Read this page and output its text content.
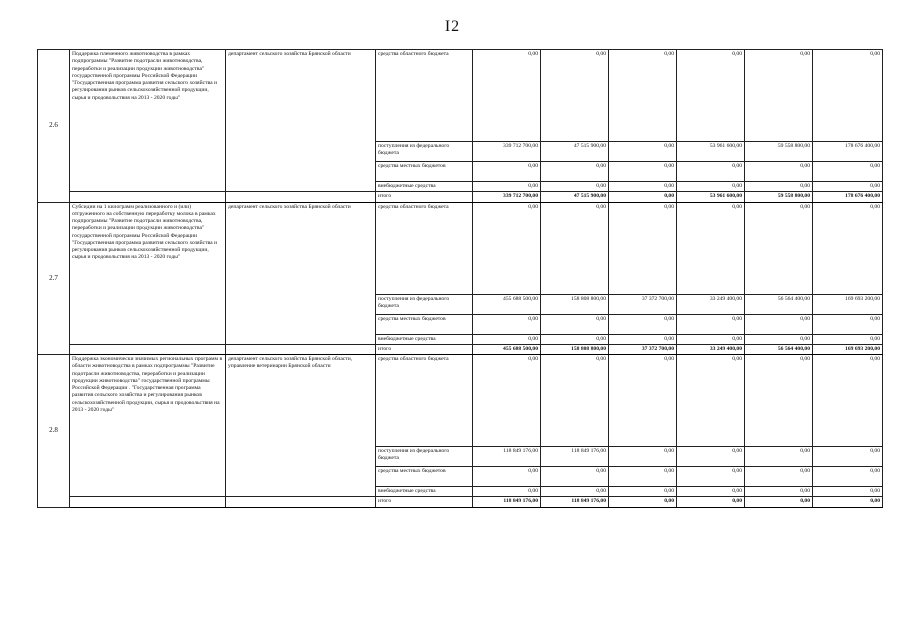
I2
2.6	Поддержка племенного животноводства в рамках подпрограммы "Развитие подотрасли животноводства, переработки и реализации продукции животноводства" государственной программы Российской Федерации "Государственная программа развития сельского хозяйства и регулирования рынков сельскохозяйственной продукции, сырья и продовольствия на 2013 - 2020 годы"	департамент сельского хозяйства Брянской области	средства областного бюджета	0,00	0,00	0,00	0,00	0,00	0,00
			поступления из федерального бюджета	339 712 700,00	47 515 900,00	0,00	53 961 600,00	59 558 800,00	178 676 400,00
			средства местных бюджетов	0,00	0,00	0,00	0,00	0,00	0,00
			внебюджетные средства	0,00	0,00	0,00	0,00	0,00	0,00
			итого	339 712 700,00	47 515 900,00	0,00	53 961 600,00	59 558 800,00	178 676 400,00
2.7	Субсидии на 1 килограмм реализованного и (или) отгруженного на собственную переработку молока в рамках подпрограммы "Развитие подотрасли животноводства, переработки и реализации продукции животноводства" государственной программы Российской Федерации "Государственная программа развития сельского хозяйства и регулирования рынков сельскохозяйственной продукции, сырья и продовольствия на 2013 - 2020 годы"	департамент сельского хозяйства Брянской области	средства областного бюджета	0,00	0,00	0,00	0,00	0,00	0,00
			поступления из федерального бюджета	455 688 500,00	158 808 800,00	37 372 700,00	33 249 400,00	56 564 400,00	169 693 200,00
			средства местных бюджетов	0,00	0,00	0,00	0,00	0,00	0,00
			внебюджетные средства	0,00	0,00	0,00	0,00	0,00	0,00
			итого	455 688 500,00	158 808 800,00	37 372 700,00	33 249 400,00	56 564 400,00	169 693 200,00
2.8	Поддержка экономически значимых региональных программ в области животноводства в рамках подпрограммы "Развитие подотрасли животноводства, переработки и реализации продукции животноводства" государственной программы Российской Федерации . "Государственная программа развития сельского хозяйства и регулирования рынков сельскохозяйственной продукции, сырья и продовольствия на 2013 - 2020 годы"	департамент сельского хозяйства Брянской области, управление ветеринарии Брянской области	средства областного бюджета	0,00	0,00	0,00	0,00	0,00	0,00
			поступления из федерального бюджета	118 849 176,00	118 849 176,00	0,00	0,00	0,00	0,00
			средства местных бюджетов	0,00	0,00	0,00	0,00	0,00	0,00
			внебюджетные средства	0,00	0,00	0,00	0,00	0,00	0,00
			итого	118 849 176,00	118 849 176,00	0,00	0,00	0,00	0,00
